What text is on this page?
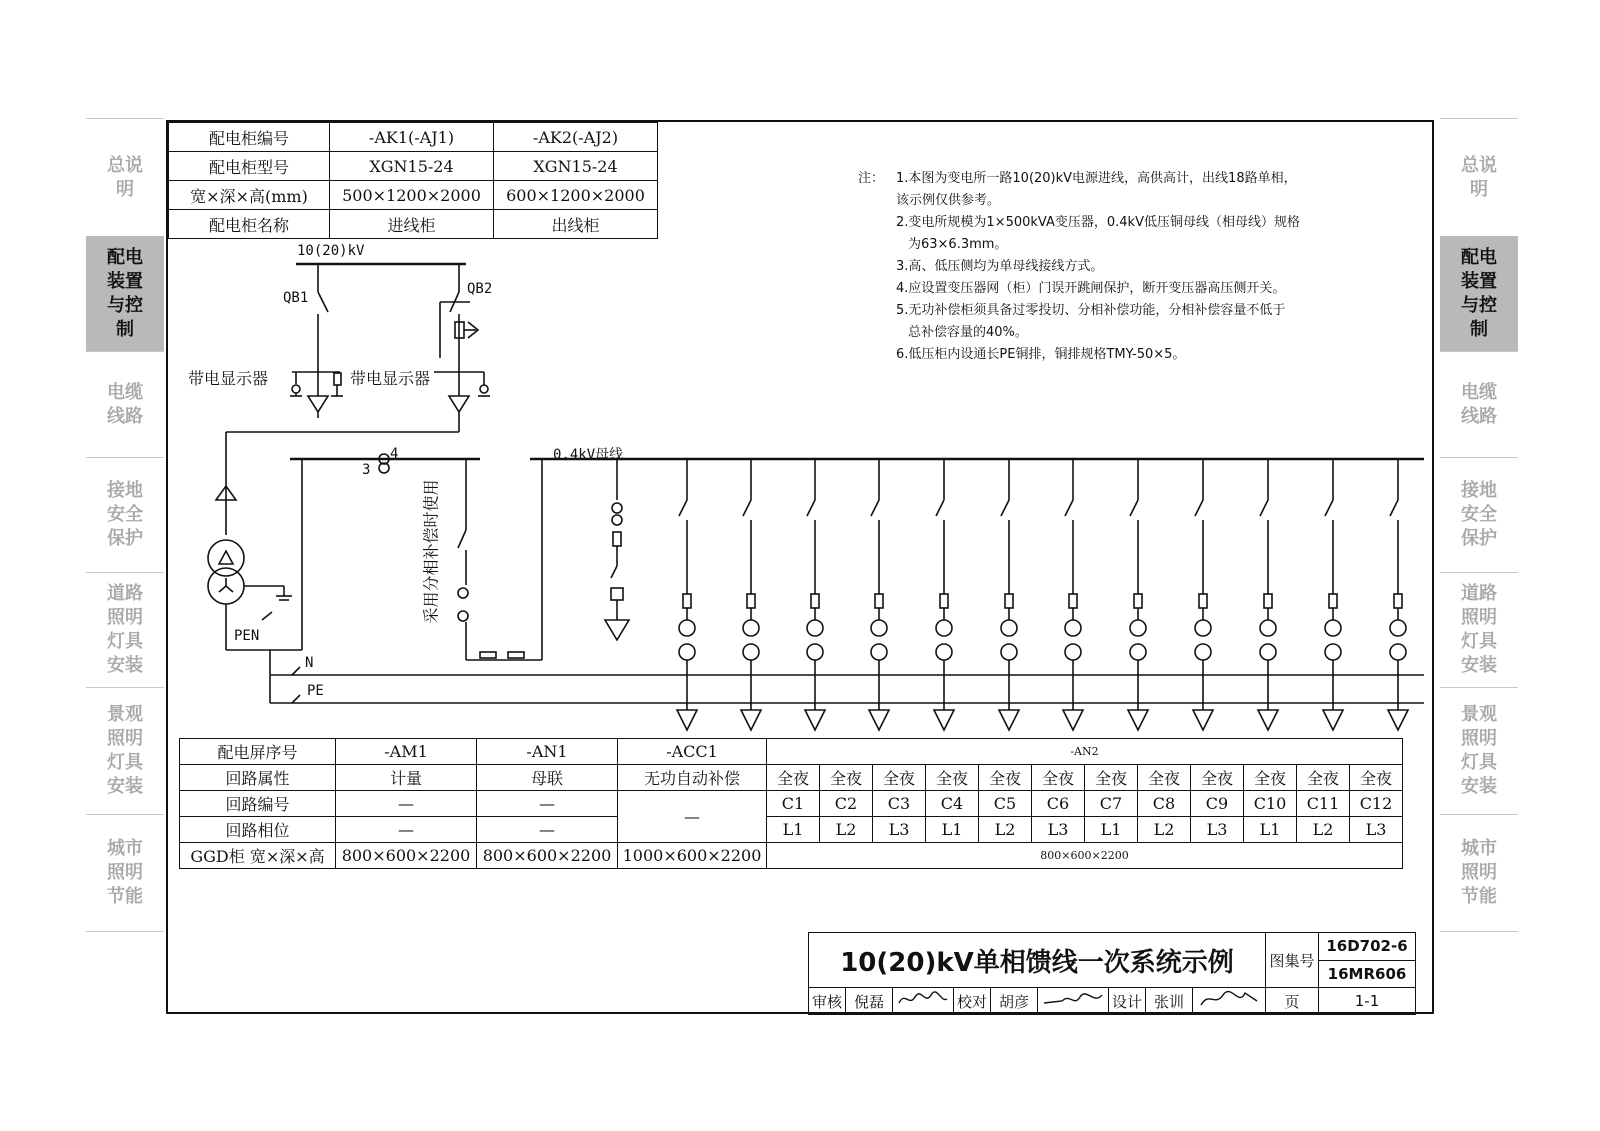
总说明
配电装置与控制
电缆线路
接地安全保护
道路照明灯具安装
景观照明灯具安装
城市照明节能
总说明
配电装置与控制
电缆线路
接地安全保护
道路照明灯具安装
景观照明灯具安装
城市照明节能
配电柜编号	-AK1(-AJ1)	-AK2(-AJ2)
配电柜型号	XGN15-24	XGN15-24
宽×深×高(mm)	500×1200×2000	600×1200×2000
配电柜名称	进线柜	出线柜
注： 1.本图为变电所一路10(20)kV电源进线，高供高计，出线18路单相，
该示例仅供参考。
2.变电所规模为1×500kVA变压器，0.4kV低压铜母线（相母线）规格
为63×6.3mm。
3.高、低压侧均为单母线接线方式。
4.应设置变压器网（柜）门误开跳闸保护，断开变压器高压侧开关。
5.无功补偿柜须具备过零投切、分相补偿功能，分相补偿容量不低于
总补偿容量的40%。
6.低压柜内设通长PE铜排，铜排规格TMY-50×5。
10(20)kV
QB1
QB2
带电显示器	带电显示器
0.4kV母线
PEN
N
PE
采用分相补偿时使用
3
4
配电屏序号	-AM1	-AN1	-ACC1	-AN2											
回路属性	计量	母联	无功自动补偿	全夜	全夜	全夜	全夜	全夜	全夜	全夜	全夜	全夜	全夜	全夜	全夜
回路编号	—	—	—	C1	C2	C3	C4	C5	C6	C7	C8	C9	C10	C11	C12
回路相位	—	—		L1	L2	L3	L1	L2	L3	L1	L2	L3	L1	L2	L3
GGD柜 宽×深×高	800×600×2200	800×600×2200	1000×600×2200	800×600×2200											
10(20)kV单相馈线一次系统示例									图集号	16D702-6
										16MR606
审核	倪磊		校对	胡彦		设计	张训		页	1-1
